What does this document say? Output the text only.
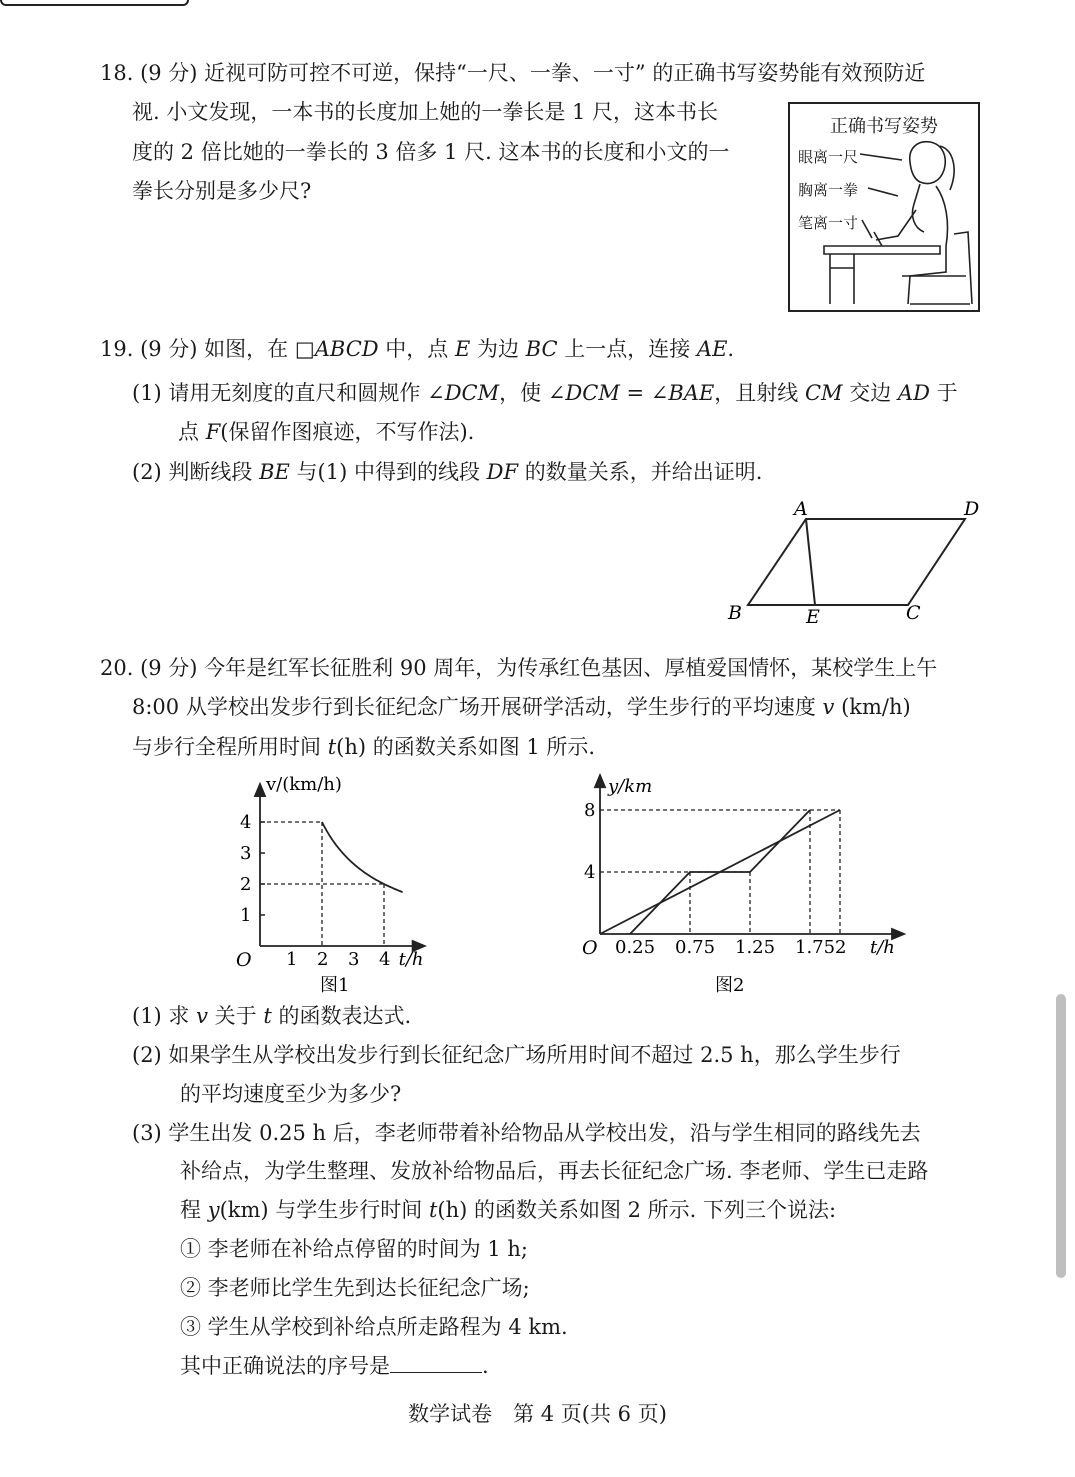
18. (9 分) 近视可防可控不可逆，保持“一尺、一拳、一寸” 的正确书写姿势能有效预防近
视. 小文发现，一本书的长度加上她的一拳长是 1 尺，这本书长
度的 2 倍比她的一拳长的 3 倍多 1 尺. 这本书的长度和小文的一
拳长分别是多少尺?
正确书写姿势
眼离一尺
胸离一拳
笔离一寸
19. (9 分) 如图，在 □ABCD 中，点 E 为边 BC 上一点，连接 AE.
(1) 请用无刻度的直尺和圆规作 ∠DCM，使 ∠DCM = ∠BAE，且射线 CM 交边 AD 于
点 F(保留作图痕迹，不写作法).
(2) 判断线段 BE 与(1) 中得到的线段 DF 的数量关系，并给出证明.
A	D
B	E	C
20. (9 分) 今年是红军长征胜利 90 周年，为传承红色基因、厚植爱国情怀，某校学生上午
8:00 从学校出发步行到长征纪念广场开展研学活动，学生步行的平均速度 v (km/h)
与步行全程所用时间 t(h) 的函数关系如图 1 所示.
1 2 3 4
1
2
3
4
v/(km/h)
t/h
O
图1
0.25 0.75 1.25 1.75 2
4
8
y/km
t/h
O
图2
(1) 求 v 关于 t 的函数表达式.
(2) 如果学生从学校出发步行到长征纪念广场所用时间不超过 2.5 h，那么学生步行
的平均速度至少为多少?
(3) 学生出发 0.25 h 后，李老师带着补给物品从学校出发，沿与学生相同的路线先去
补给点，为学生整理、发放补给物品后，再去长征纪念广场. 李老师、学生已走路
程 y(km) 与学生步行时间 t(h) 的函数关系如图 2 所示. 下列三个说法:
① 李老师在补给点停留的时间为 1 h;
② 李老师比学生先到达长征纪念广场;
③ 学生从学校到补给点所走路程为 4 km.
其中正确说法的序号是	.
数学试卷　第 4 页(共 6 页)
